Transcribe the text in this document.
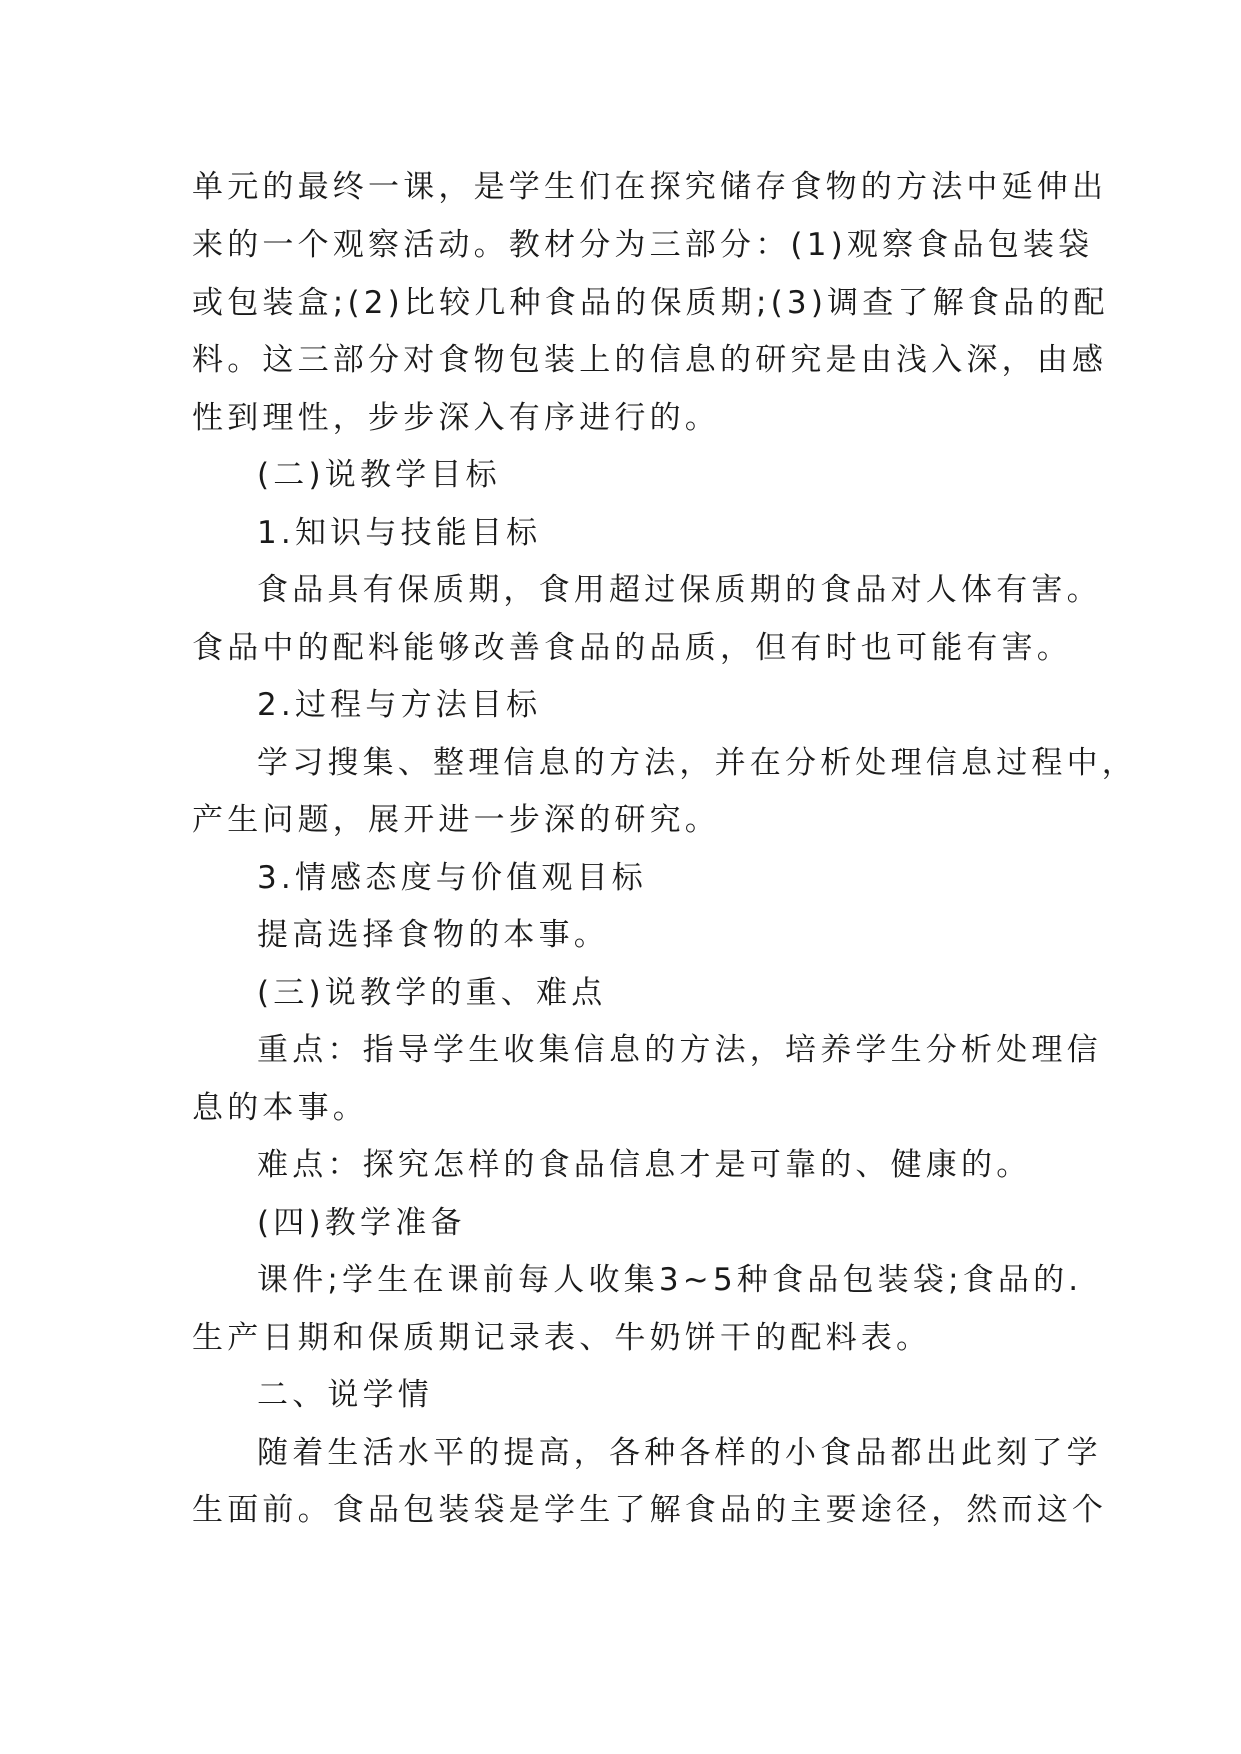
单元的最终一课，是学生们在探究储存食物的方法中延伸出

来的一个观察活动。教材分为三部分：(1)观察食品包装袋

或包装盒;(2)比较几种食品的保质期;(3)调查了解食品的配

料。这三部分对食物包装上的信息的研究是由浅入深，由感

性到理性，步步深入有序进行的。

(二)说教学目标

1.知识与技能目标

食品具有保质期，食用超过保质期的食品对人体有害。

食品中的配料能够改善食品的品质，但有时也可能有害。

2.过程与方法目标

学习搜集、整理信息的方法，并在分析处理信息过程中，

产生问题，展开进一步深的研究。

3.情感态度与价值观目标

提高选择食物的本事。

(三)说教学的重、难点

重点：指导学生收集信息的方法，培养学生分析处理信

息的本事。

难点：探究怎样的食品信息才是可靠的、健康的。

(四)教学准备

课件;学生在课前每人收集3~5种食品包装袋;食品的.

生产日期和保质期记录表、牛奶饼干的配料表。

二、说学情

随着生活水平的提高，各种各样的小食品都出此刻了学

生面前。食品包装袋是学生了解食品的主要途径，然而这个
